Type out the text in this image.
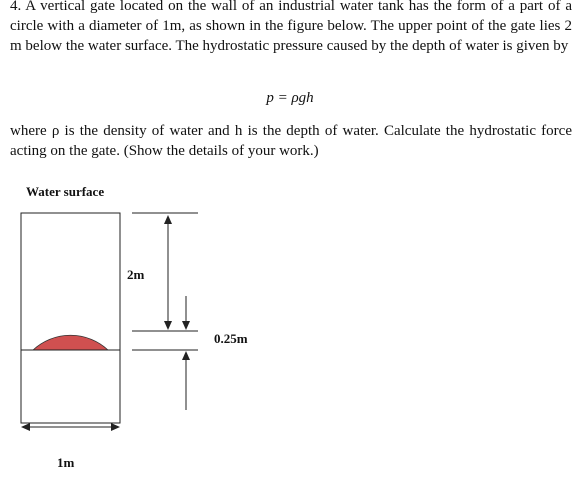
4. A vertical gate located on the wall of an industrial water tank has the form of a part of a circle with a diameter of 1m, as shown in the figure below. The upper point of the gate lies 2 m below the water surface. The hydrostatic pressure caused by the depth of water is given by

p = ρgh

where ρ is the density of water and h is the depth of water. Calculate the hydrostatic force acting on the gate. (Show the details of your work.)

Water surface
2m
0.25m
1m
